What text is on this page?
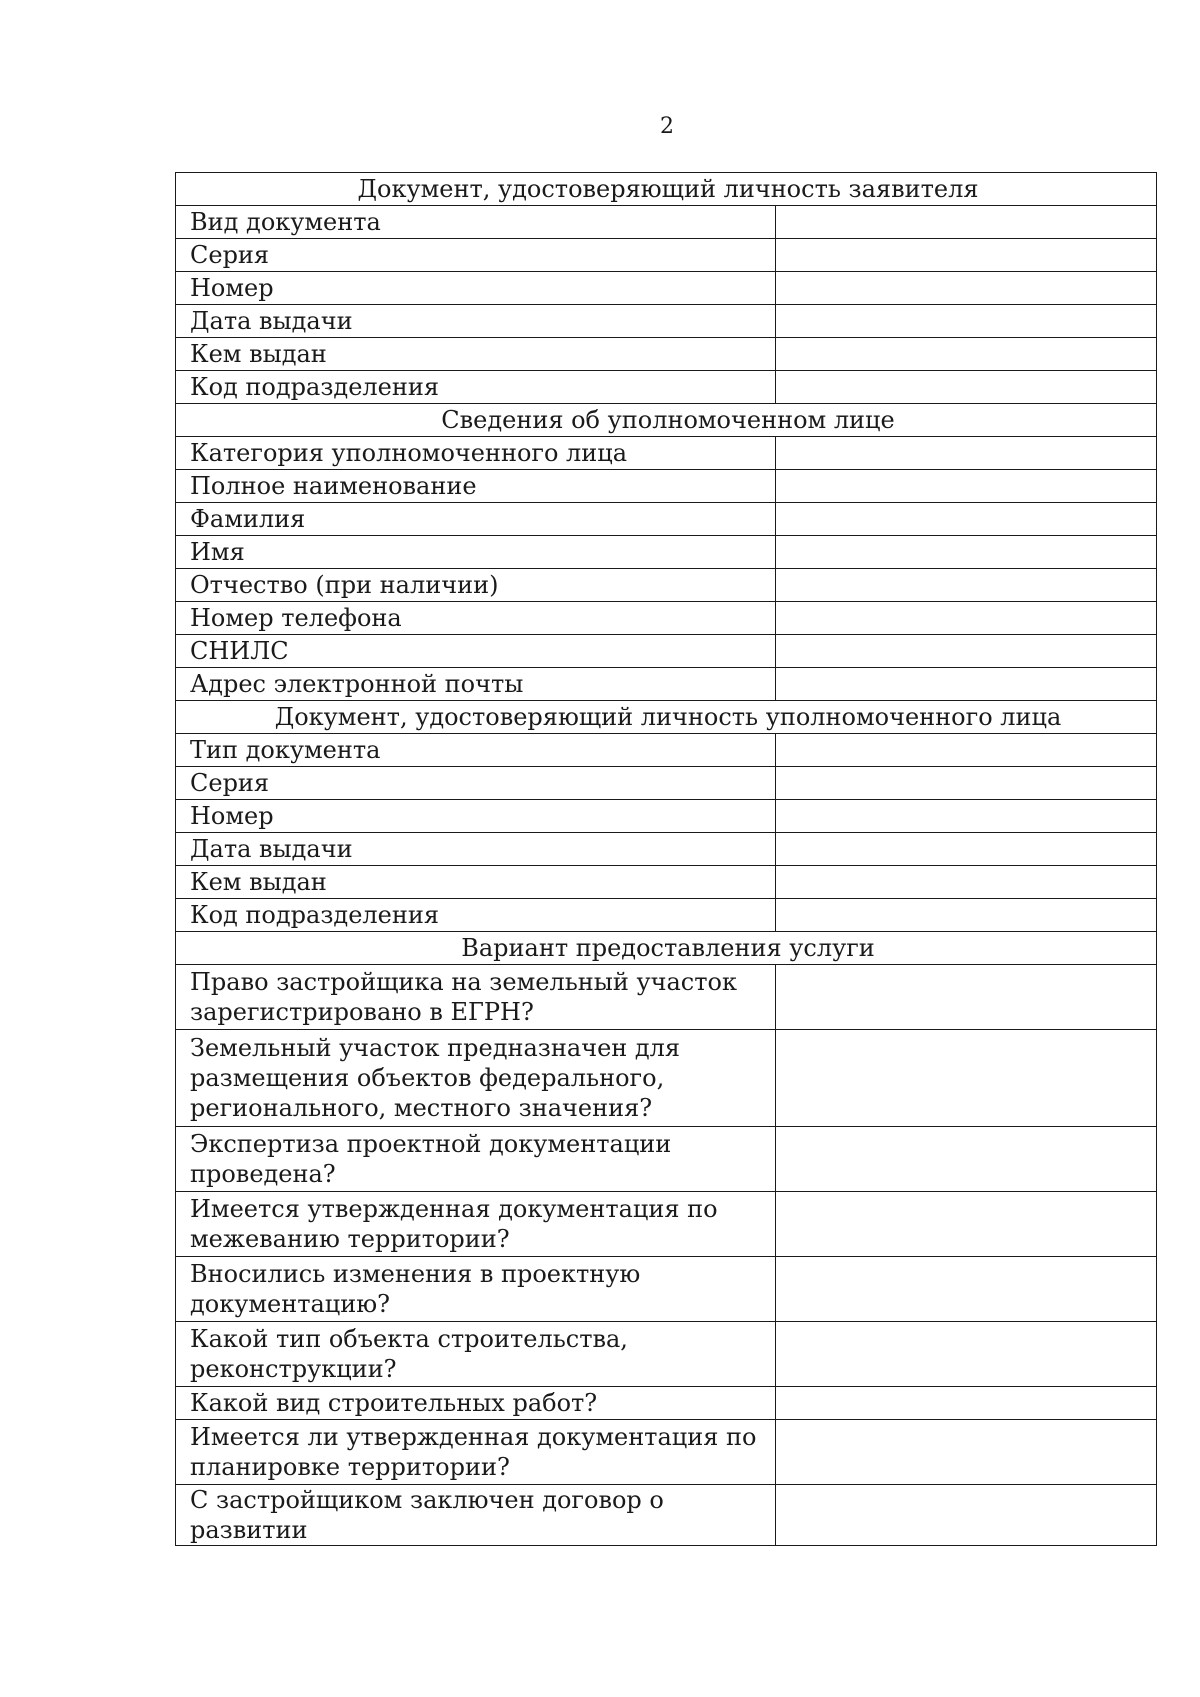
2
Документ, удостоверяющий личность заявителя	
Вид документа	
Серия	
Номер	
Дата выдачи	
Кем выдан	
Код подразделения	
Сведения об уполномоченном лице	
Категория уполномоченного лица	
Полное наименование	
Фамилия	
Имя	
Отчество (при наличии)	
Номер телефона	
СНИЛС	
Адрес электронной почты	
Документ, удостоверяющий личность уполномоченного лица	
Тип документа	
Серия	
Номер	
Дата выдачи	
Кем выдан	
Код подразделения	
Вариант предоставления услуги	

Право застройщика на земельный участок
зарегистрировано в ЕГРН?	

Земельный участок предназначен для
размещения объектов федерального,
регионального, местного значения?	

Экспертиза проектной документации
проведена?	

Имеется утвержденная документация по
межеванию территории?	

Вносились изменения в проектную
документацию?	

Какой тип объекта строительства,
реконструкции?	

Какой вид строительных работ?	

Имеется ли утвержденная документация по
планировке территории?	

С застройщиком заключен договор о развитии	
